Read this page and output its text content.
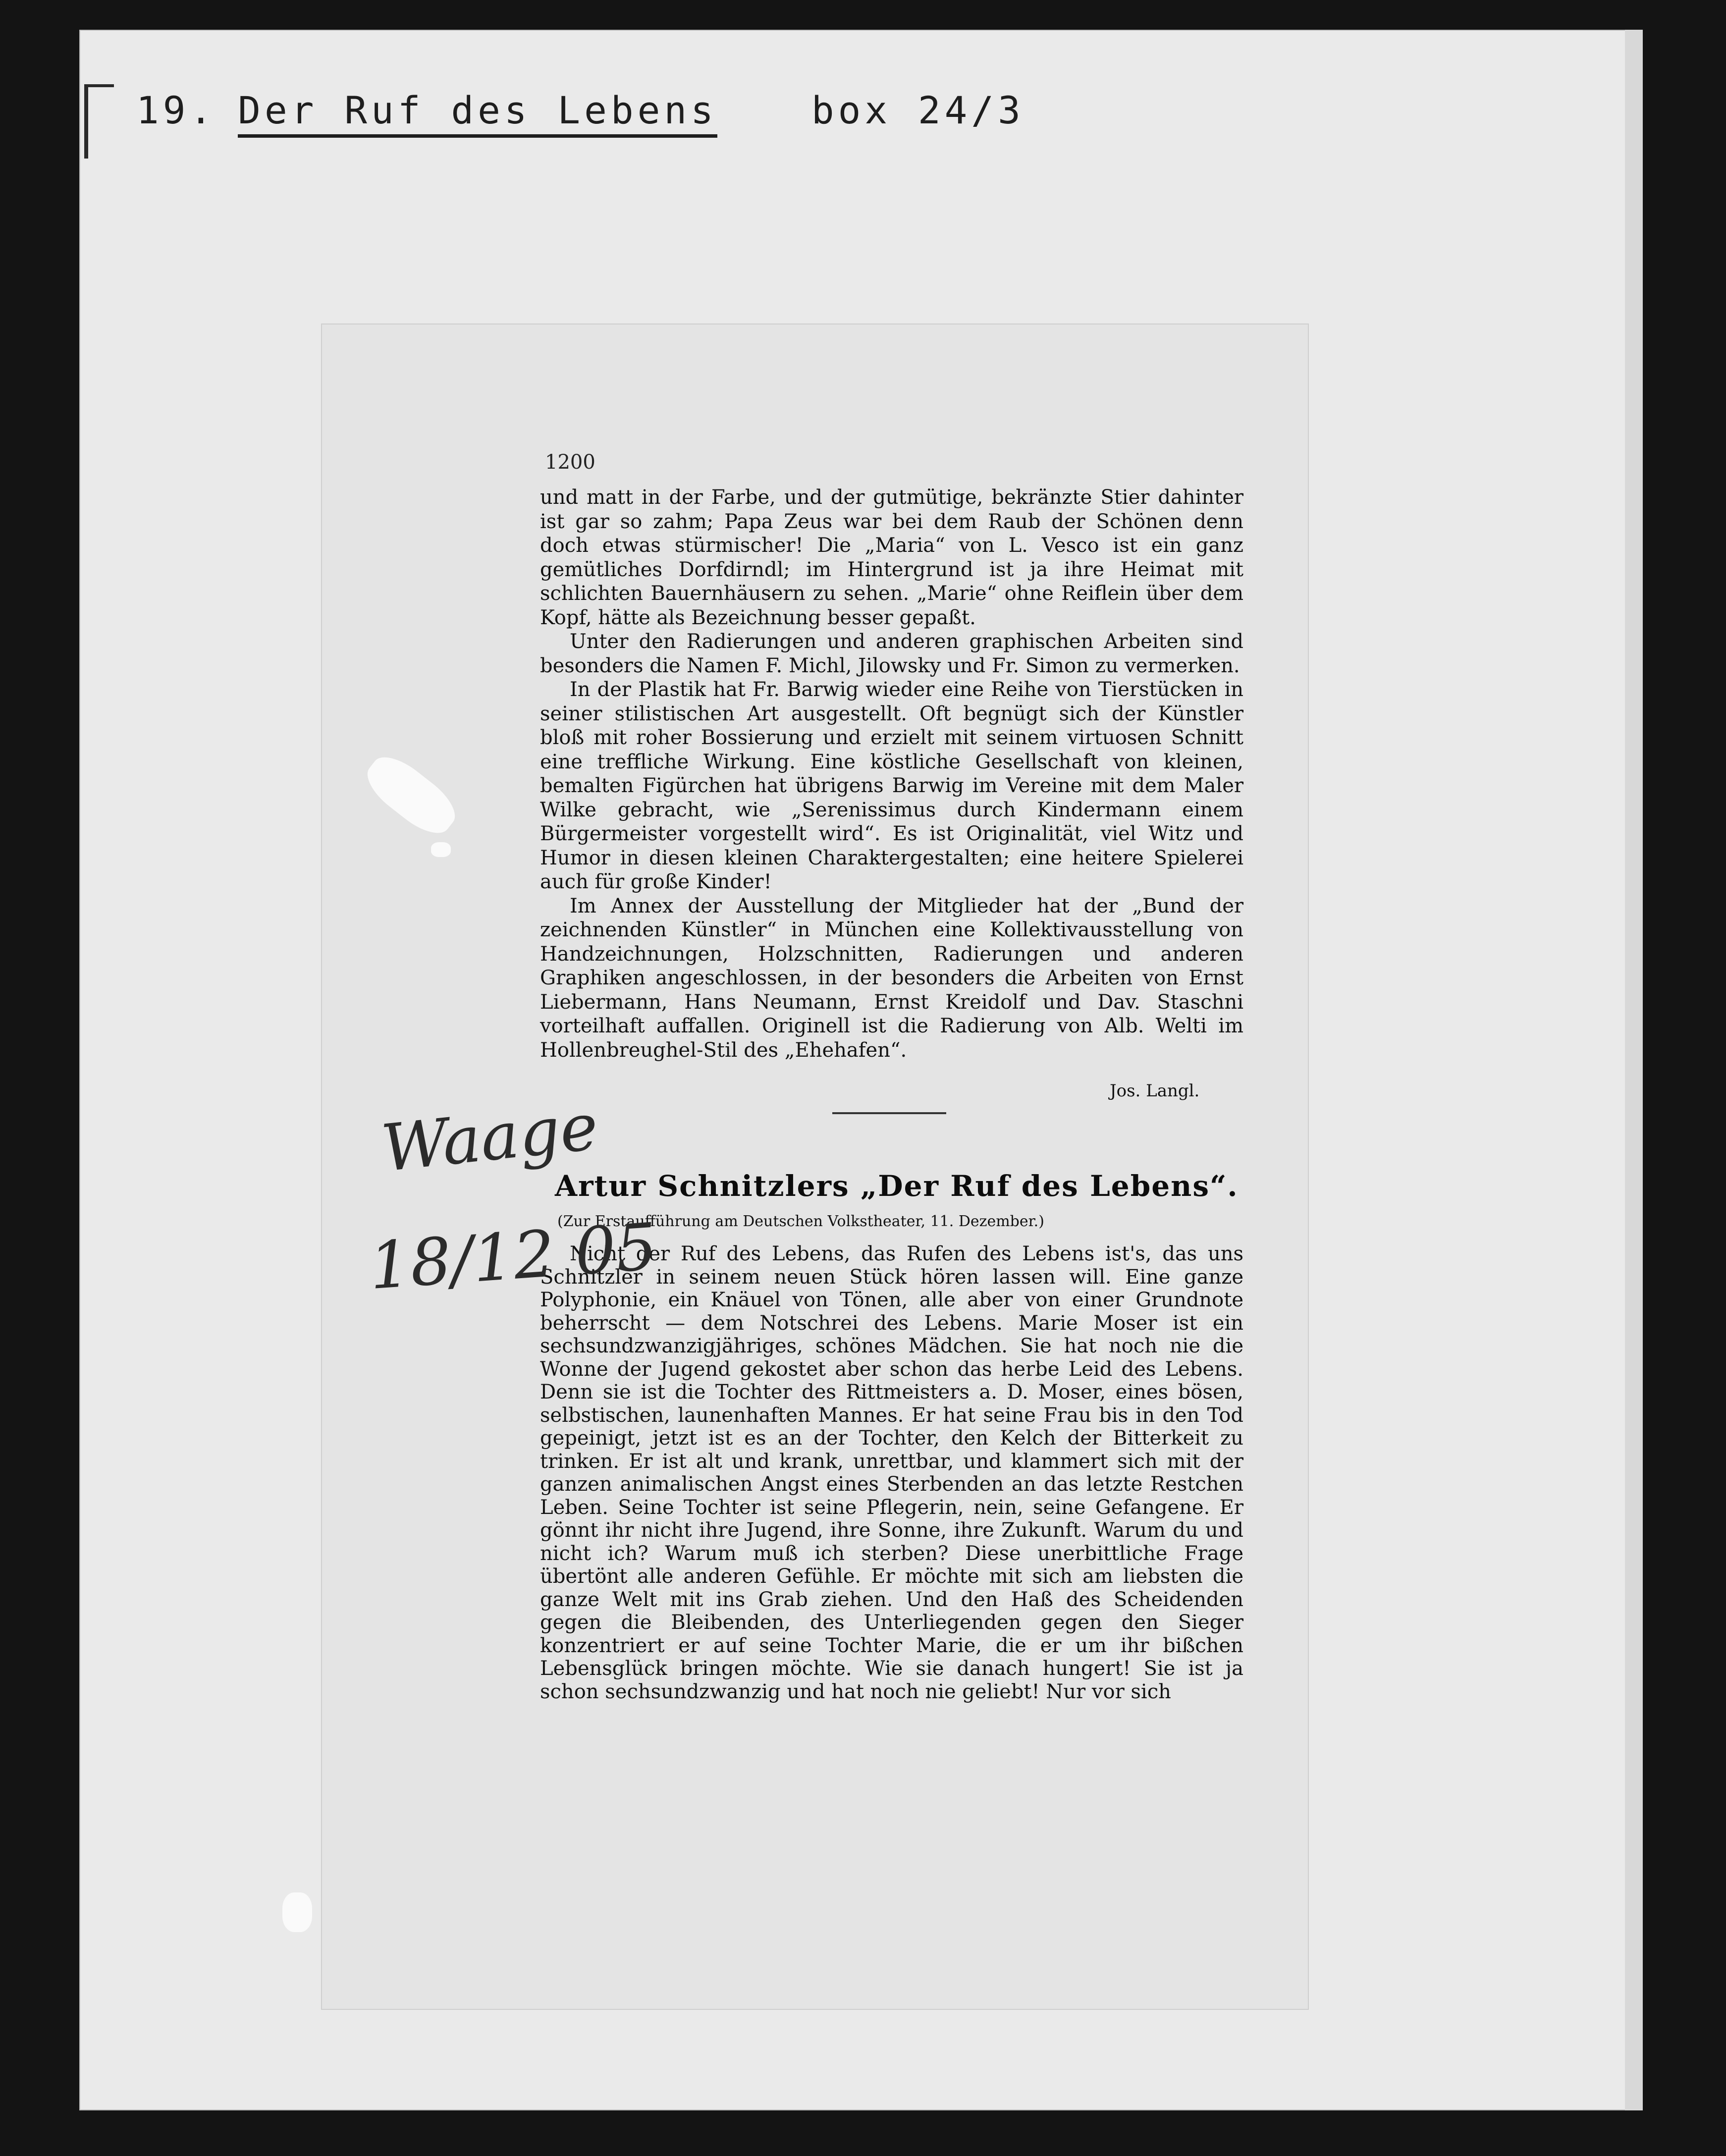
19. Der Ruf des Lebens	box 24/3
1200

und matt in der Farbe, und der gutmütige, bekränzte Stier dahinter ist gar so zahm; Papa Zeus war bei dem Raub der Schönen denn doch etwas stürmischer! Die „Maria“ von L. Vesco ist ein ganz gemütliches Dorfdirndl; im Hintergrund ist ja ihre Heimat mit schlichten Bauernhäusern zu sehen. „Marie“ ohne Reiflein über dem Kopf, hätte als Bezeichnung besser gepaßt.

Unter den Radierungen und anderen graphischen Arbeiten sind besonders die Namen F. Michl, Jilowsky und Fr. Simon zu vermerken.

In der Plastik hat Fr. Barwig wieder eine Reihe von Tierstücken in seiner stilistischen Art ausgestellt. Oft begnügt sich der Künstler bloß mit roher Bossierung und erzielt mit seinem virtuosen Schnitt eine treffliche Wirkung. Eine köstliche Gesellschaft von kleinen, bemalten Figürchen hat übrigens Barwig im Vereine mit dem Maler Wilke gebracht, wie „Serenissimus durch Kindermann einem Bürgermeister vorgestellt wird“. Es ist Originalität, viel Witz und Humor in diesen kleinen Charaktergestalten; eine heitere Spielerei auch für große Kinder!

Im Annex der Ausstellung der Mitglieder hat der „Bund der zeichnenden Künstler“ in München eine Kollektivausstellung von Handzeichnungen, Holzschnitten, Radierungen und anderen Graphiken angeschlossen, in der besonders die Arbeiten von Ernst Liebermann, Hans Neumann, Ernst Kreidolf und Dav. Staschni vorteilhaft auffallen. Originell ist die Radierung von Alb. Welti im Hollenbreughel-Stil des „Ehehafen“.

Jos. Langl.
Artur Schnitzlers „Der Ruf des Lebens“.
(Zur Erstaufführung am Deutschen Volkstheater, 11. Dezember.)

Nicht der Ruf des Lebens, das Rufen des Lebens ist's, das uns Schnitzler in seinem neuen Stück hören lassen will. Eine ganze Polyphonie, ein Knäuel von Tönen, alle aber von einer Grundnote beherrscht — dem Notschrei des Lebens. Marie Moser ist ein sechsundzwanzigjähriges, schönes Mädchen. Sie hat noch nie die Wonne der Jugend gekostet aber schon das herbe Leid des Lebens. Denn sie ist die Tochter des Rittmeisters a. D. Moser, eines bösen, selbstischen, launenhaften Mannes. Er hat seine Frau bis in den Tod gepeinigt, jetzt ist es an der Tochter, den Kelch der Bitterkeit zu trinken. Er ist alt und krank, unrettbar, und klammert sich mit der ganzen animalischen Angst eines Sterbenden an das letzte Restchen Leben. Seine Tochter ist seine Pflegerin, nein, seine Gefangene. Er gönnt ihr nicht ihre Jugend, ihre Sonne, ihre Zukunft. Warum du und nicht ich? Warum muß ich sterben? Diese unerbittliche Frage übertönt alle anderen Gefühle. Er möchte mit sich am liebsten die ganze Welt mit ins Grab ziehen. Und den Haß des Scheidenden gegen die Bleibenden, des Unterliegenden gegen den Sieger konzentriert er auf seine Tochter Marie, die er um ihr bißchen Lebensglück bringen möchte. Wie sie danach hungert! Sie ist ja schon sechsundzwanzig und hat noch nie geliebt! Nur vor sich

Waage
18/12 05
